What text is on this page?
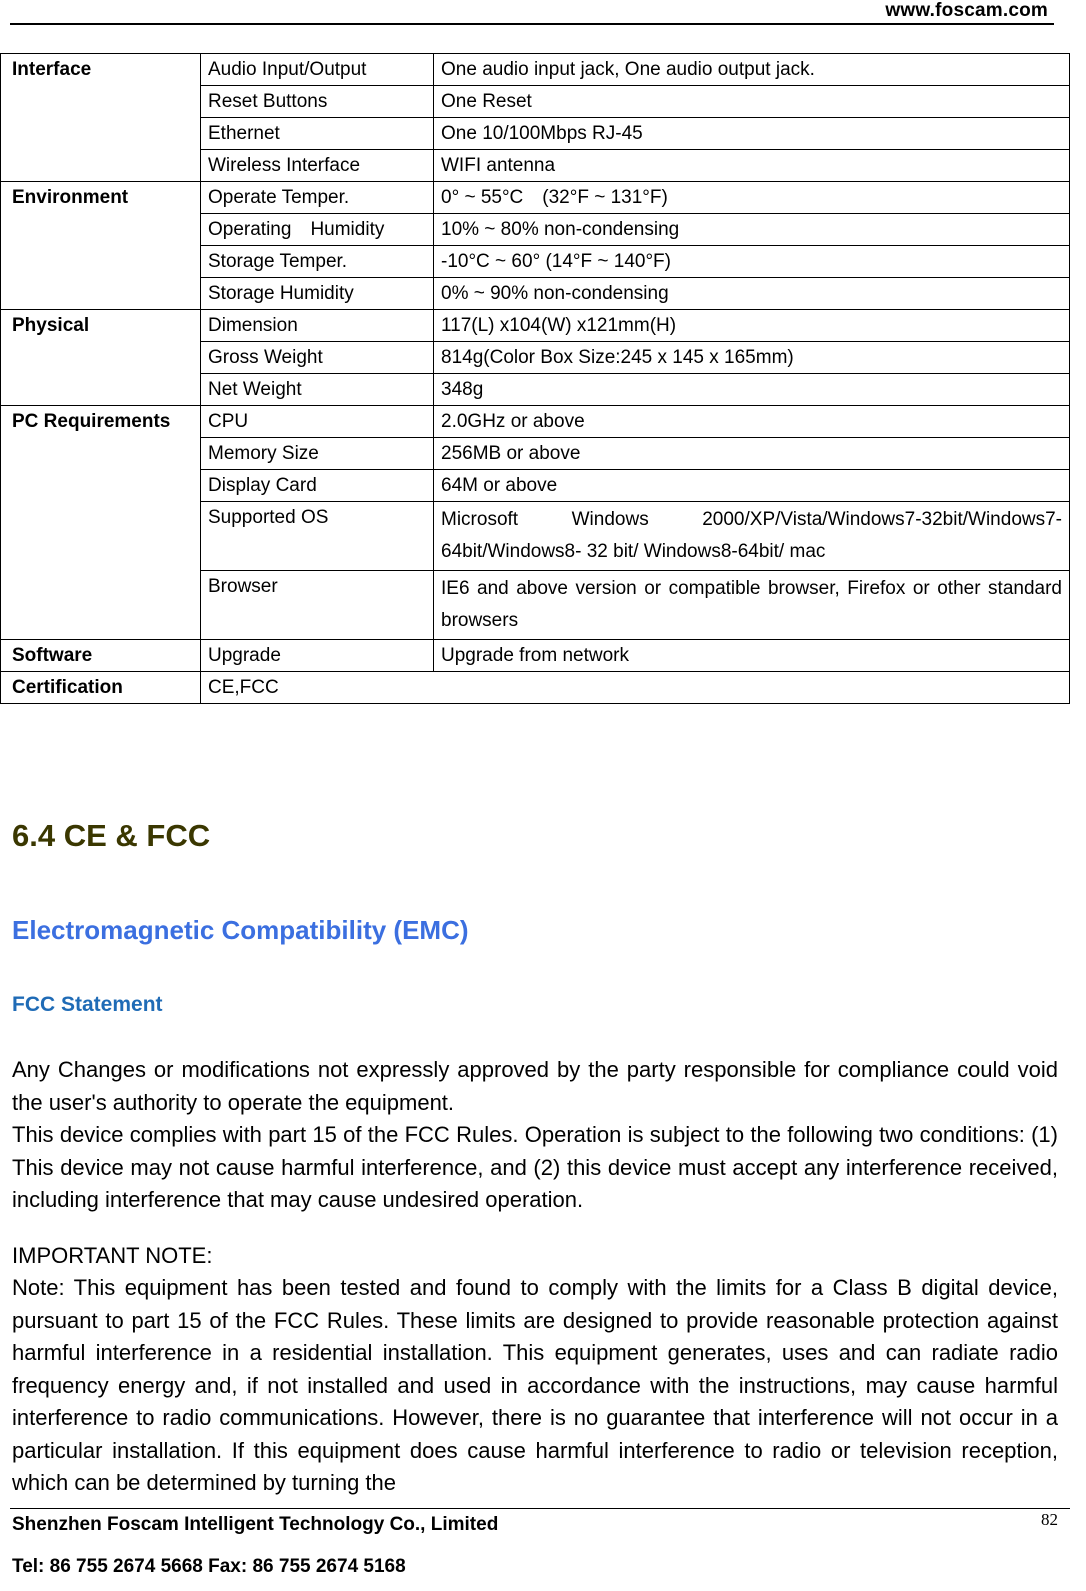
www.foscam.com
Interface	Audio Input/Output	One audio input jack, One audio output jack.
	Reset Buttons	One Reset
	Ethernet	One 10/100Mbps RJ-45
	Wireless Interface	WIFI antenna
Environment	Operate Temper.	0° ~ 55°C　(32°F ~ 131°F)
	Operating　Humidity	10% ~ 80% non-condensing
	Storage Temper.	-10°C ~ 60° (14°F ~ 140°F)
	Storage Humidity	0% ~ 90% non-condensing
Physical	Dimension	117(L) x104(W) x121mm(H)
	Gross Weight	814g(Color Box Size:245 x 145 x 165mm)
	Net Weight	348g
PC Requirements	CPU	2.0GHz or above
	Memory Size	256MB or above
	Display Card	64M or above
	Supported OS	Microsoft Windows 2000/XP/Vista/Windows7-32bit/Windows7-64bit/Windows8- 32 bit/ Windows8-64bit/ mac
	Browser	IE6 and above version or compatible browser, Firefox or other standard browsers
Software	Upgrade	Upgrade from network
Certification	CE,FCC	
6.4 CE & FCC
Electromagnetic Compatibility (EMC)
FCC Statement
Any Changes or modifications not expressly approved by the party responsible for compliance could void the user's authority to operate the equipment.
This device complies with part 15 of the FCC Rules. Operation is subject to the following two conditions: (1) This device may not cause harmful interference, and (2) this device must accept any interference received, including interference that may cause undesired operation.
IMPORTANT NOTE:
Note: This equipment has been tested and found to comply with the limits for a Class B digital device, pursuant to part 15 of the FCC Rules. These limits are designed to provide reasonable protection against harmful interference in a residential installation. This equipment generates, uses and can radiate radio frequency energy and, if not installed and used in accordance with the instructions, may cause harmful interference to radio communications. However, there is no guarantee that interference will not occur in a particular installation. If this equipment does cause harmful interference to radio or television reception, which can be determined by turning the
Shenzhen Foscam Intelligent Technology Co., Limited	82
Tel: 86 755 2674 5668 Fax: 86 755 2674 5168
